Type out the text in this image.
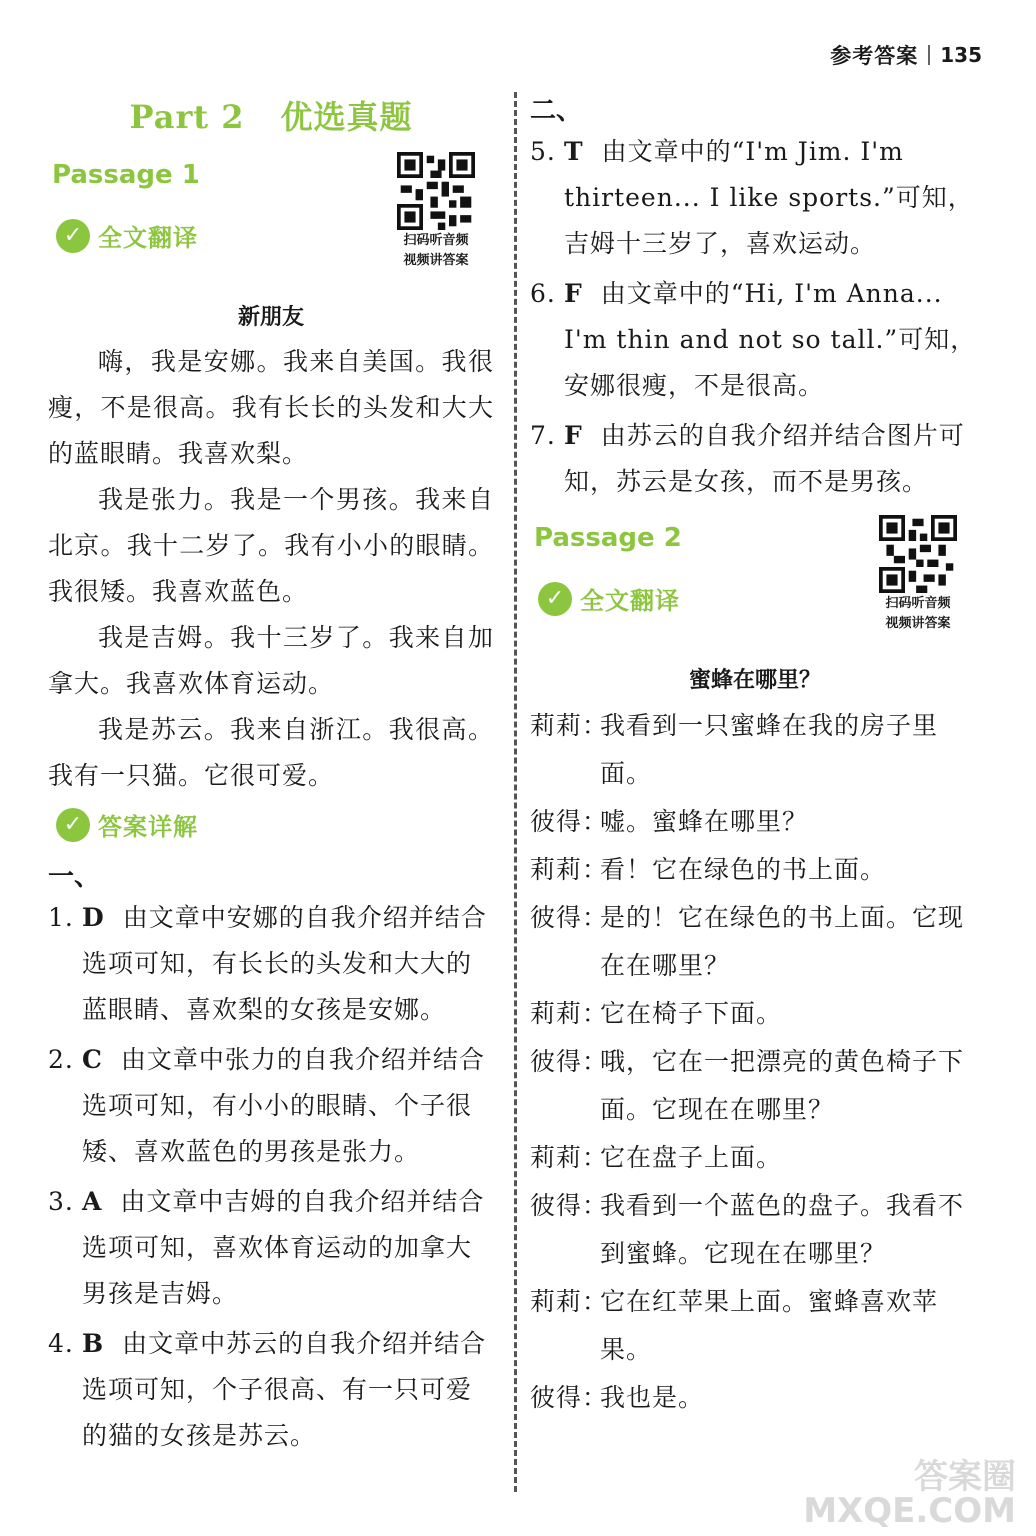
参考答案 135
Part 2 优选真题
Passage 1
✓ 全文翻译	扫码听音频
视频讲答案
新朋友

嗨，我是安娜。我来自美国。我很瘦，不是很高。我有长长的头发和大大的蓝眼睛。我喜欢梨。

我是张力。我是一个男孩。我来自北京。我十二岁了。我有小小的眼睛。我很矮。我喜欢蓝色。

我是吉姆。我十三岁了。我来自加拿大。我喜欢体育运动。

我是苏云。我来自浙江。我很高。我有一只猫。它很可爱。

✓ 答案详解
一、
1. D 由文章中安娜的自我介绍并结合选项可知，有长长的头发和大大的蓝眼睛、喜欢梨的女孩是安娜。
2. C 由文章中张力的自我介绍并结合选项可知，有小小的眼睛、个子很矮、喜欢蓝色的男孩是张力。
3. A 由文章中吉姆的自我介绍并结合选项可知，喜欢体育运动的加拿大男孩是吉姆。
4. B 由文章中苏云的自我介绍并结合选项可知，个子很高、有一只可爱的猫的女孩是苏云。
二、
5. T 由文章中的“I'm Jim. I'm thirteen... I like sports.”可知，吉姆十三岁了，喜欢运动。
6. F 由文章中的“Hi, I'm Anna... I'm thin and not so tall.”可知，安娜很瘦，不是很高。
7. F 由苏云的自我介绍并结合图片可知，苏云是女孩，而不是男孩。
Passage 2
✓ 全文翻译	扫码听音频
视频讲答案
蜜蜂在哪里？
莉莉：
我看到一只蜜蜂在我的房子里面。
彼得：
嘘。蜜蜂在哪里？
莉莉：
看！它在绿色的书上面。
彼得：
是的！它在绿色的书上面。它现在在哪里？
莉莉：
它在椅子下面。
彼得：
哦，它在一把漂亮的黄色椅子下面。它现在在哪里？
莉莉：
它在盘子上面。
彼得：
我看到一个蓝色的盘子。我看不到蜜蜂。它现在在哪里？
莉莉：
它在红苹果上面。蜜蜂喜欢苹果。
彼得：
我也是。
答案圈
MXQE.COM
